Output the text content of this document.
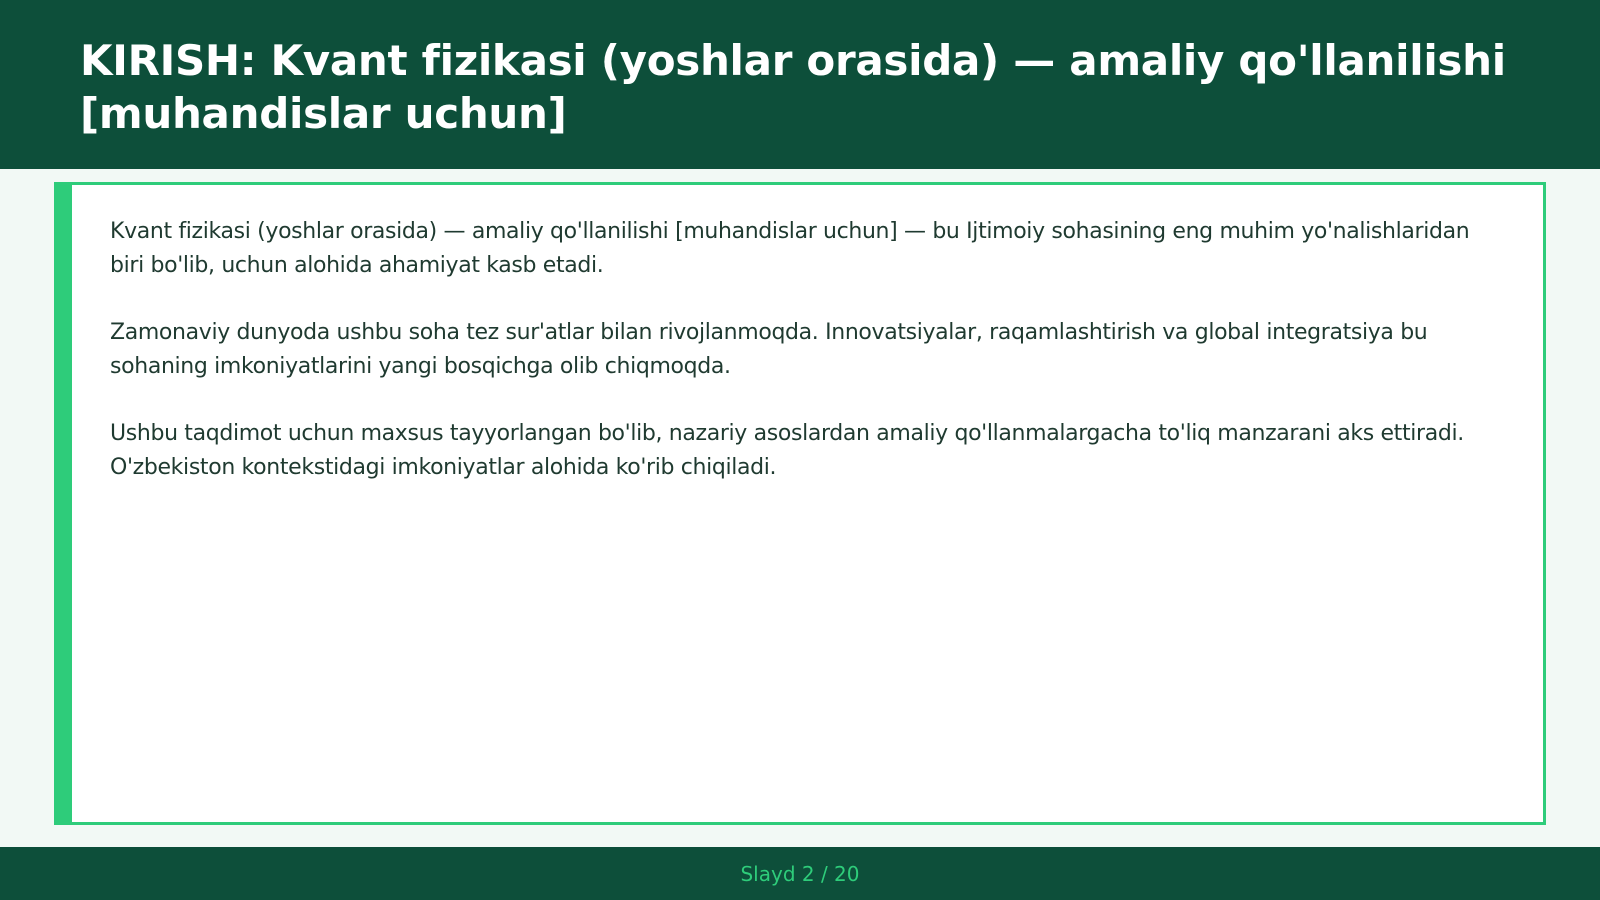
KIRISH: Kvant fizikasi (yoshlar orasida) — amaliy qo'llanilishi [muhandislar uchun]

Kvant fizikasi (yoshlar orasida) — amaliy qo'llanilishi [muhandislar uchun] — bu Ijtimoiy sohasining eng muhim yo'nalishlaridan biri bo'lib, uchun alohida ahamiyat kasb etadi.

Zamonaviy dunyoda ushbu soha tez sur'atlar bilan rivojlanmoqda. Innovatsiyalar, raqamlashtirish va global integratsiya bu sohaning imkoniyatlarini yangi bosqichga olib chiqmoqda.

Ushbu taqdimot uchun maxsus tayyorlangan bo'lib, nazariy asoslardan amaliy qo'llanmalargacha to'liq manzarani aks ettiradi. O'zbekiston kontekstidagi imkoniyatlar alohida ko'rib chiqiladi.

Slayd 2 / 20
